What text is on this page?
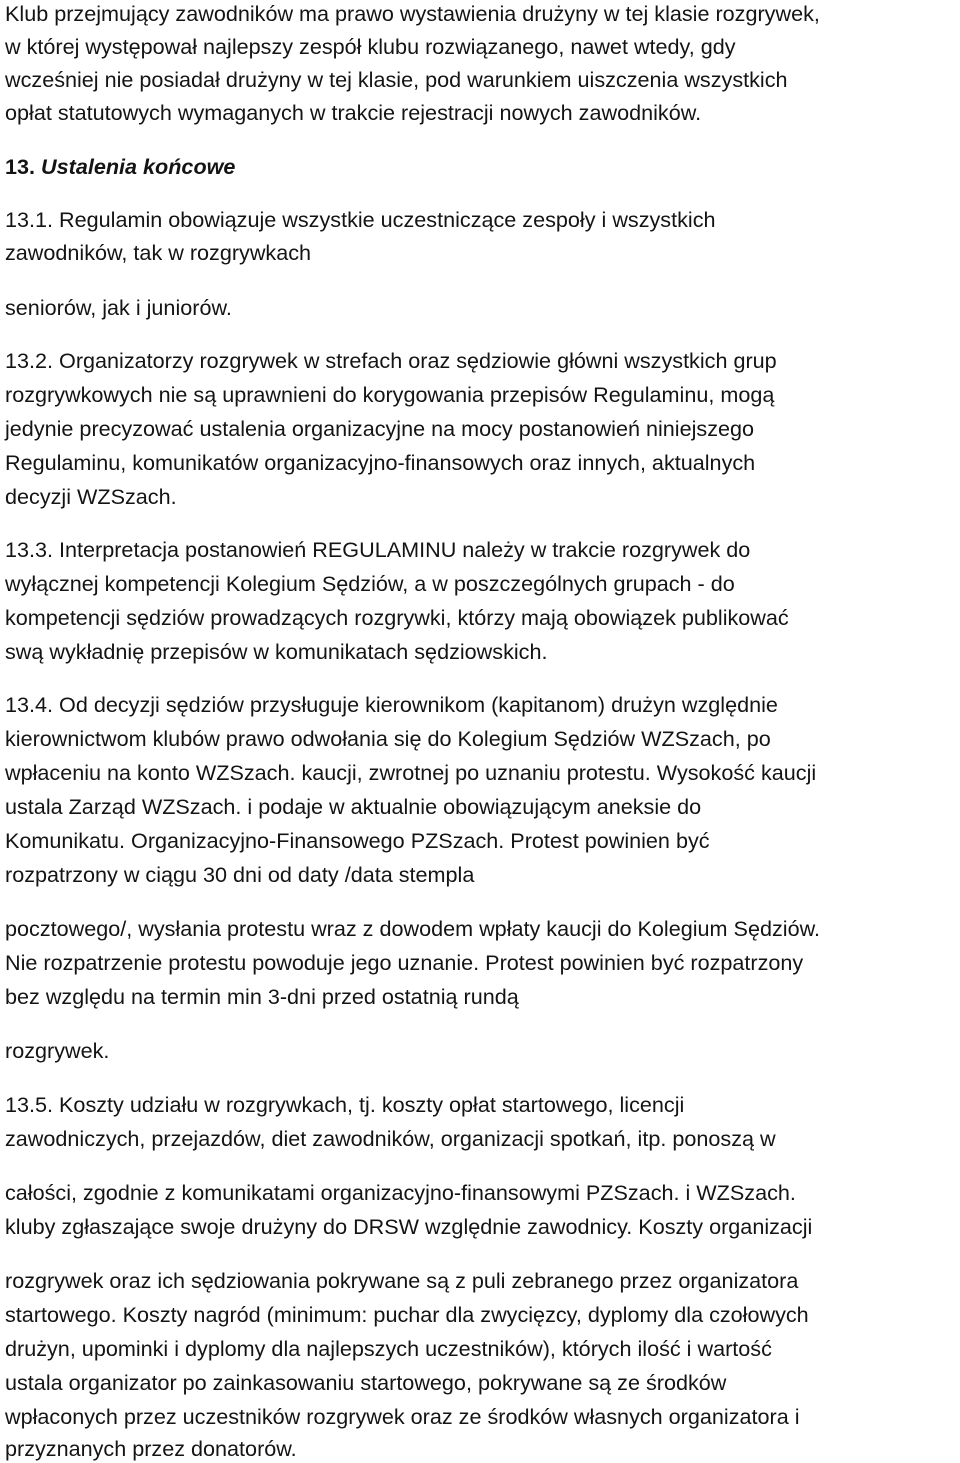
Klub przejmujący zawodników ma prawo wystawienia drużyny w tej klasie rozgrywek,
w której występował najlepszy zespół klubu rozwiązanego, nawet wtedy, gdy
wcześniej nie posiadał drużyny w tej klasie, pod warunkiem uiszczenia wszystkich
opłat statutowych wymaganych w trakcie rejestracji nowych zawodników.
13. Ustalenia końcowe
13.1. Regulamin obowiązuje wszystkie uczestniczące zespoły i wszystkich
zawodników, tak w rozgrywkach
seniorów, jak i juniorów.
13.2. Organizatorzy rozgrywek w strefach oraz sędziowie główni wszystkich grup
rozgrywkowych nie są uprawnieni do korygowania przepisów Regulaminu, mogą
jedynie precyzować ustalenia organizacyjne na mocy postanowień niniejszego
Regulaminu, komunikatów organizacyjno-finansowych oraz innych, aktualnych
decyzji WZSzach.
13.3. Interpretacja postanowień REGULAMINU należy w trakcie rozgrywek do
wyłącznej kompetencji Kolegium Sędziów, a w poszczególnych grupach - do
kompetencji sędziów prowadzących rozgrywki, którzy mają obowiązek publikować
swą wykładnię przepisów w komunikatach sędziowskich.
13.4. Od decyzji sędziów przysługuje kierownikom (kapitanom) drużyn względnie
kierownictwom klubów prawo odwołania się do Kolegium Sędziów WZSzach, po
wpłaceniu na konto WZSzach. kaucji, zwrotnej po uznaniu protestu. Wysokość kaucji
ustala Zarząd WZSzach. i podaje w aktualnie obowiązującym aneksie do
Komunikatu. Organizacyjno-Finansowego PZSzach. Protest powinien być
rozpatrzony w ciągu 30 dni od daty /data stempla
pocztowego/, wysłania protestu wraz z dowodem wpłaty kaucji do Kolegium Sędziów.
Nie rozpatrzenie protestu powoduje jego uznanie. Protest powinien być rozpatrzony
bez względu na termin min 3-dni przed ostatnią rundą
rozgrywek.
13.5. Koszty udziału w rozgrywkach, tj. koszty opłat startowego, licencji
zawodniczych, przejazdów, diet zawodników, organizacji spotkań, itp. ponoszą w
całości, zgodnie z komunikatami organizacyjno-finansowymi PZSzach. i WZSzach.
kluby zgłaszające swoje drużyny do DRSW względnie zawodnicy. Koszty organizacji
rozgrywek oraz ich sędziowania pokrywane są z puli zebranego przez organizatora
startowego. Koszty nagród (minimum: puchar dla zwycięzcy, dyplomy dla czołowych
drużyn, upominki i dyplomy dla najlepszych uczestników), których ilość i wartość
ustala organizator po zainkasowaniu startowego, pokrywane są ze środków
wpłaconych przez uczestników rozgrywek oraz ze środków własnych organizatora i
przyznanych przez donatorów.
